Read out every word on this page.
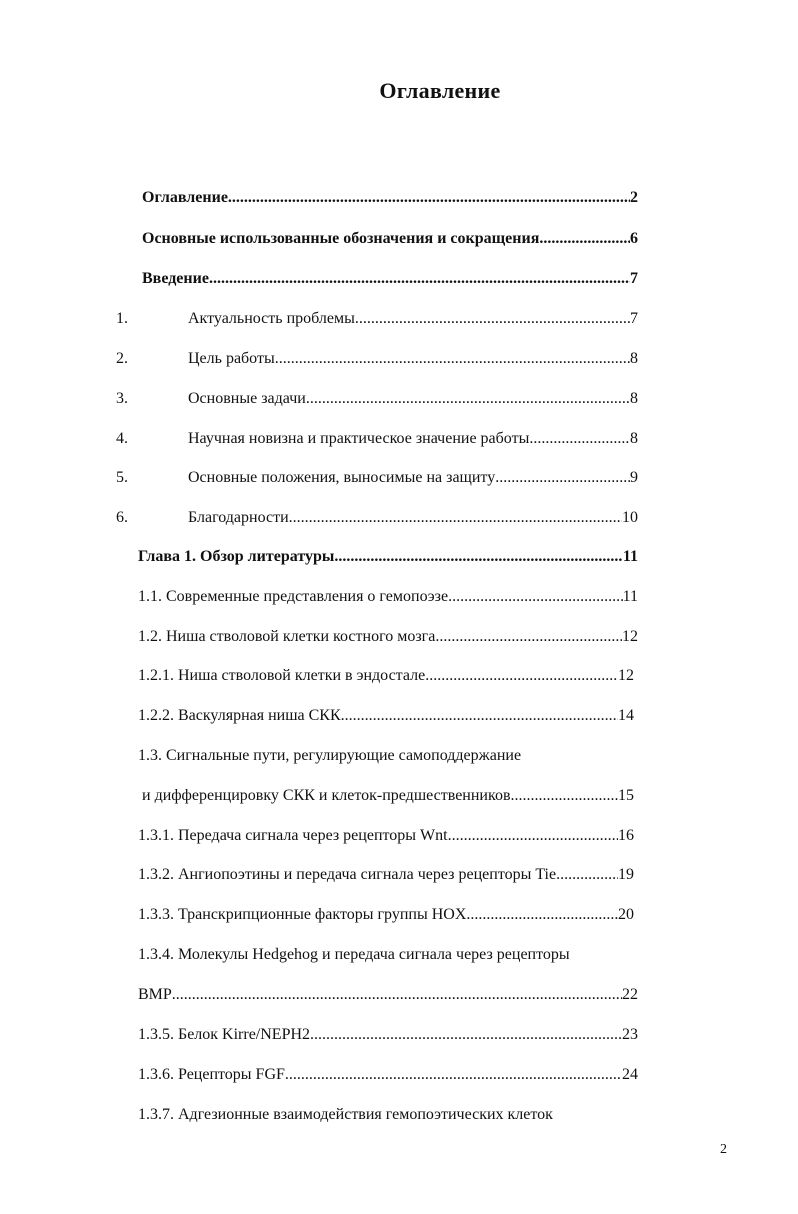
Оглавление
Оглавление .....	2
Основные использованные обозначения и сокращения .....	6
Введение .....	7
1.	Актуальность проблемы .....	7
2.	Цель работы .....	8
3.	Основные задачи .....	8
4.	Научная новизна и практическое значение работы .....	8
5.	Основные положения, выносимые на защиту .....	9
6.	Благодарности .....	10
Глава 1. Обзор литературы .....	11
1.1. Современные представления о гемопоэзе .....	11
1.2. Ниша стволовой клетки костного мозга .....	12
1.2.1. Ниша стволовой клетки в эндостале .....	12
1.2.2. Васкулярная ниша СКК .....	14
1.3. Сигнальные пути, регулирующие самоподдержание
и дифференцировку СКК и клеток-предшественников .....	15
1.3.1. Передача сигнала через рецепторы Wnt .....	16
1.3.2. Ангиопоэтины и передача сигнала через рецепторы Tie .....	19
1.3.3. Транскрипционные факторы группы HOX .....	20
1.3.4. Молекулы Hedgehog и передача сигнала через рецепторы
BMP .....	22
1.3.5. Белок Kirre/NEPH2 .....	23
1.3.6. Рецепторы FGF .....	24
1.3.7. Адгезионные взаимодействия гемопоэтических клеток
2
